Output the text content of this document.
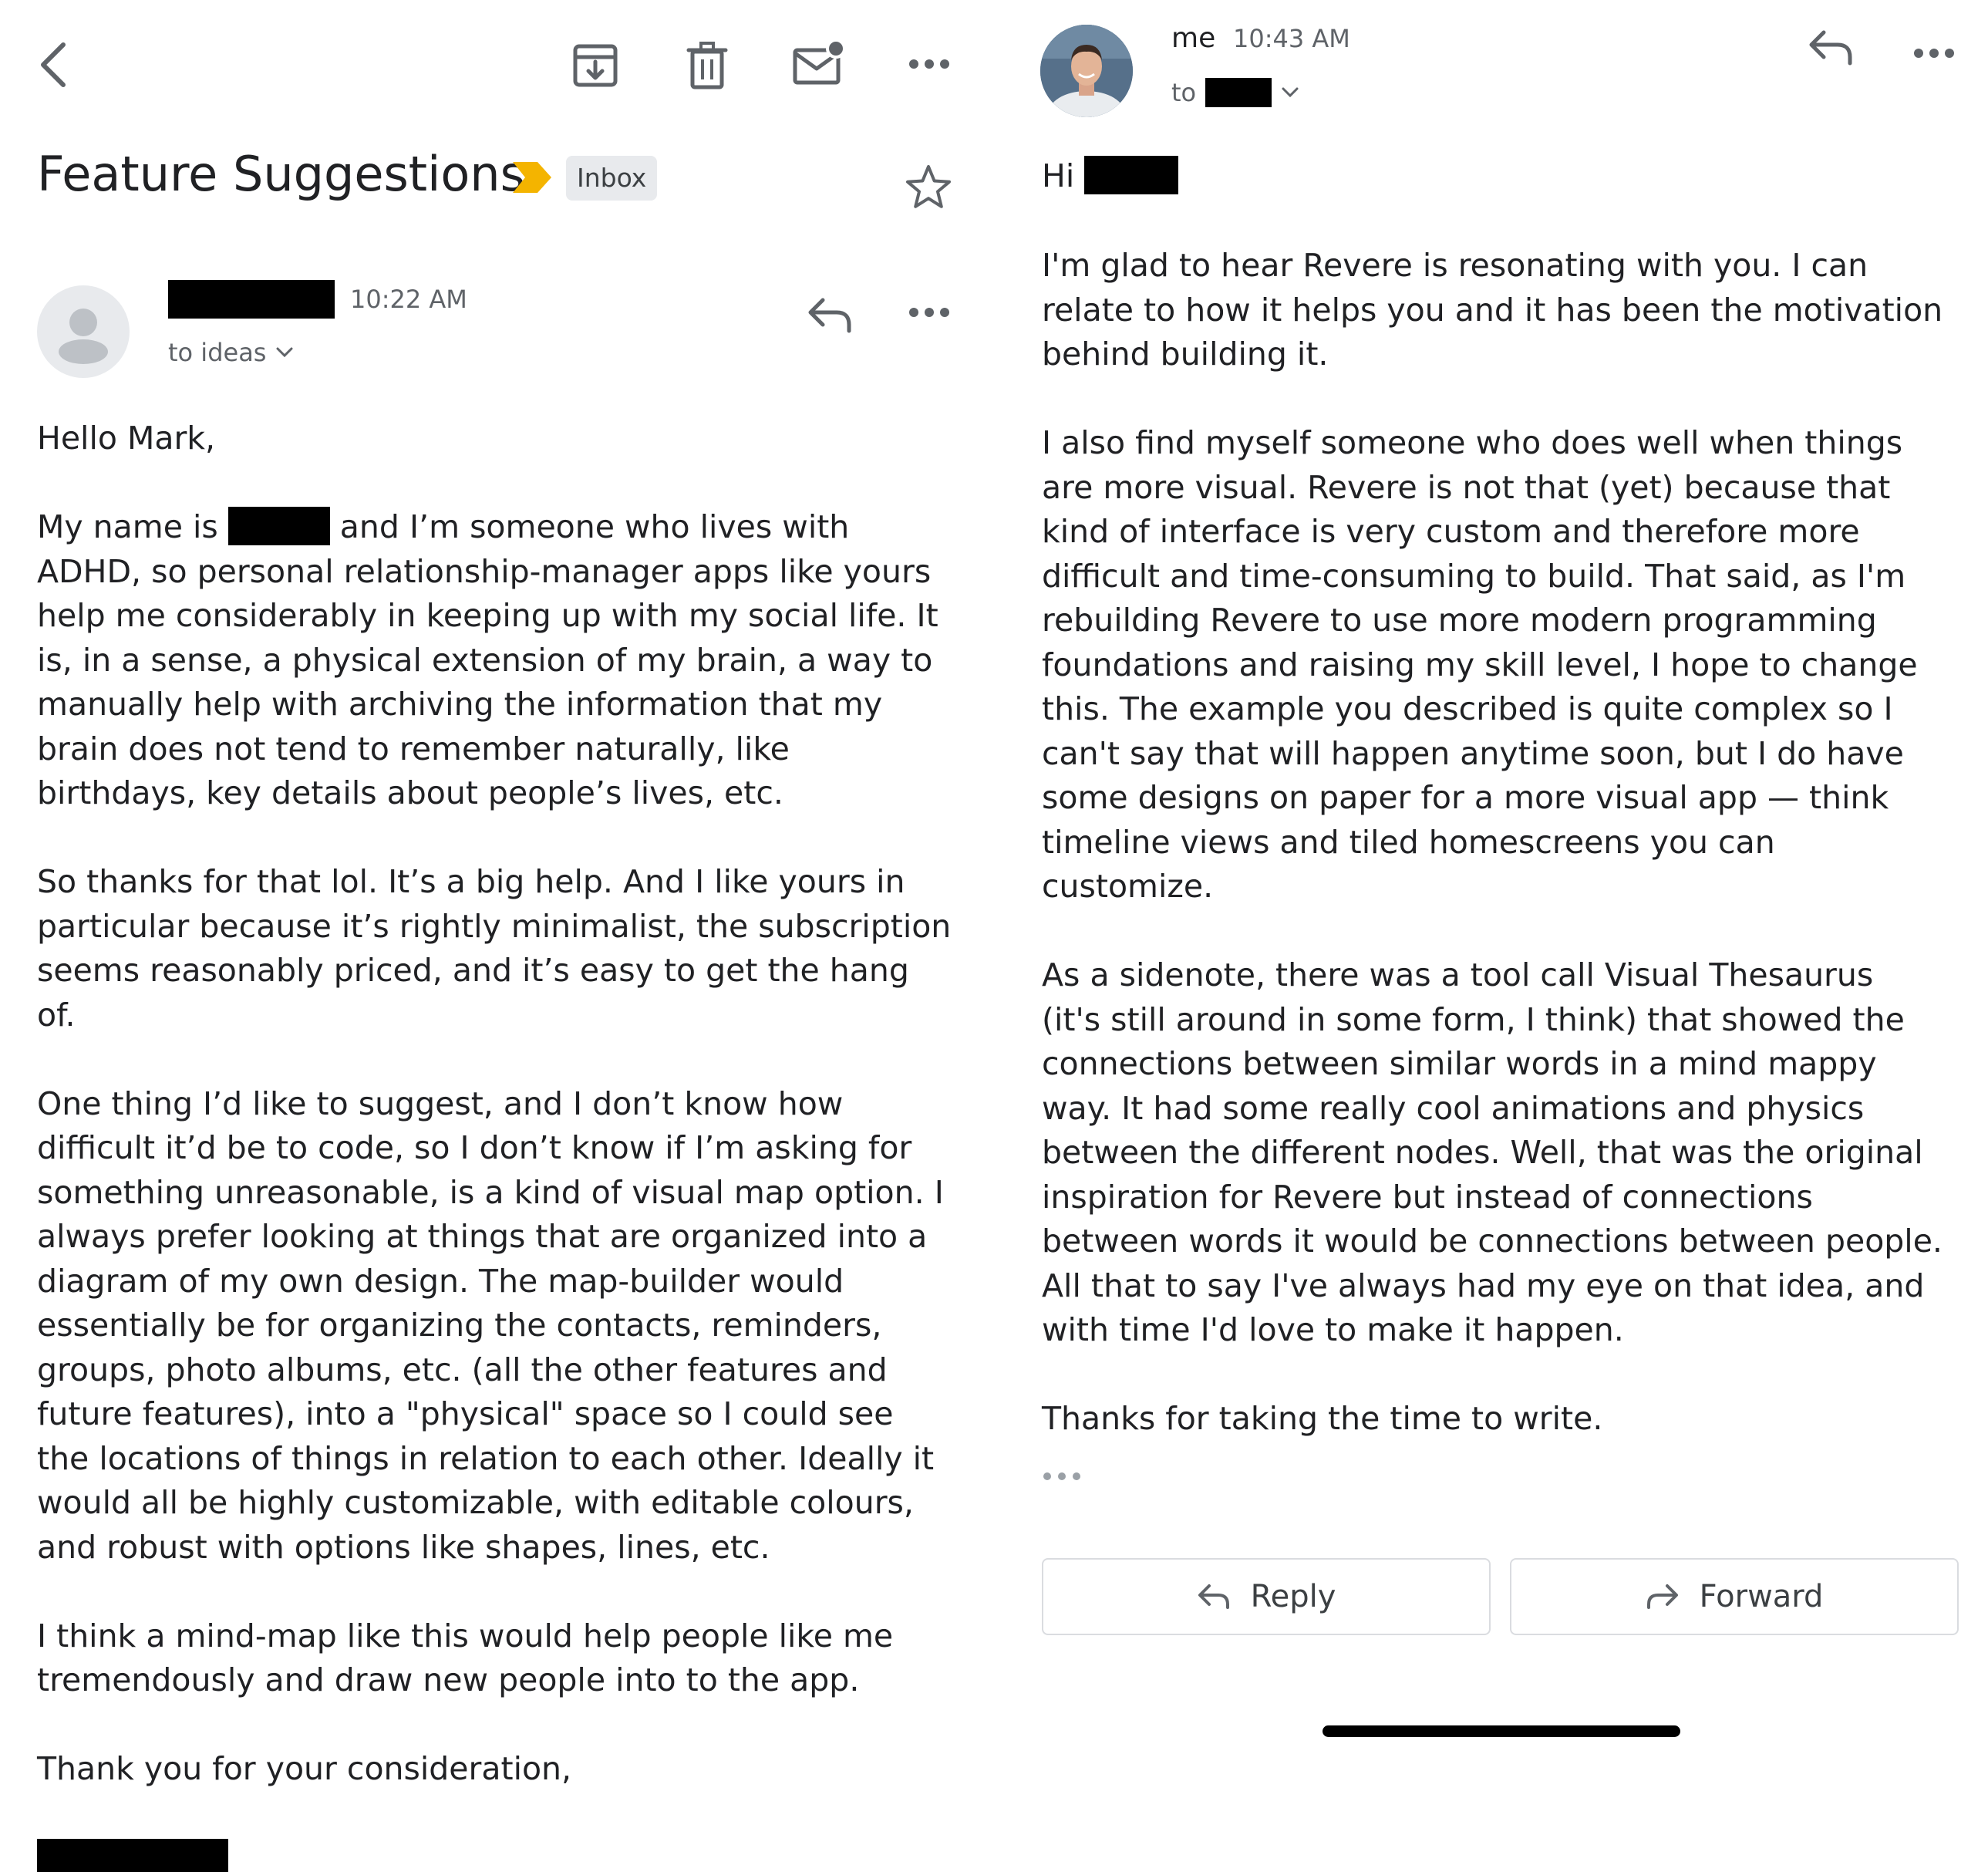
Feature Suggestions	Inbox
10:22 AM
to ideas
Hello Mark,
My name is	and I’m someone who lives with
ADHD, so personal relationship-manager apps like yours
help me considerably in keeping up with my social life. It
is, in a sense, a physical extension of my brain, a way to
manually help with archiving the information that my
brain does not tend to remember naturally, like
birthdays, key details about people’s lives, etc.
So thanks for that lol. It’s a big help. And I like yours in
particular because it’s rightly minimalist, the subscription
seems reasonably priced, and it’s easy to get the hang
of.
One thing I’d like to suggest, and I don’t know how
difficult it’d be to code, so I don’t know if I’m asking for
something unreasonable, is a kind of visual map option. I
always prefer looking at things that are organized into a
diagram of my own design. The map-builder would
essentially be for organizing the contacts, reminders,
groups, photo albums, etc. (all the other features and
future features), into a "physical" space so I could see
the locations of things in relation to each other. Ideally it
would all be highly customizable, with editable colours,
and robust with options like shapes, lines, etc.
I think a mind-map like this would help people like me
tremendously and draw new people into to the app.
Thank you for your consideration,
me 10:43 AM
to
Hi
I'm glad to hear Revere is resonating with you. I can
relate to how it helps you and it has been the motivation
behind building it.
I also find myself someone who does well when things
are more visual. Revere is not that (yet) because that
kind of interface is very custom and therefore more
difficult and time-consuming to build. That said, as I'm
rebuilding Revere to use more modern programming
foundations and raising my skill level, I hope to change
this. The example you described is quite complex so I
can't say that will happen anytime soon, but I do have
some designs on paper for a more visual app — think
timeline views and tiled homescreens you can
customize.
As a sidenote, there was a tool call Visual Thesaurus
(it's still around in some form, I think) that showed the
connections between similar words in a mind mappy
way. It had some really cool animations and physics
between the different nodes. Well, that was the original
inspiration for Revere but instead of connections
between words it would be connections between people.
All that to say I've always had my eye on that idea, and
with time I'd love to make it happen.
Thanks for taking the time to write.
Reply	Forward
